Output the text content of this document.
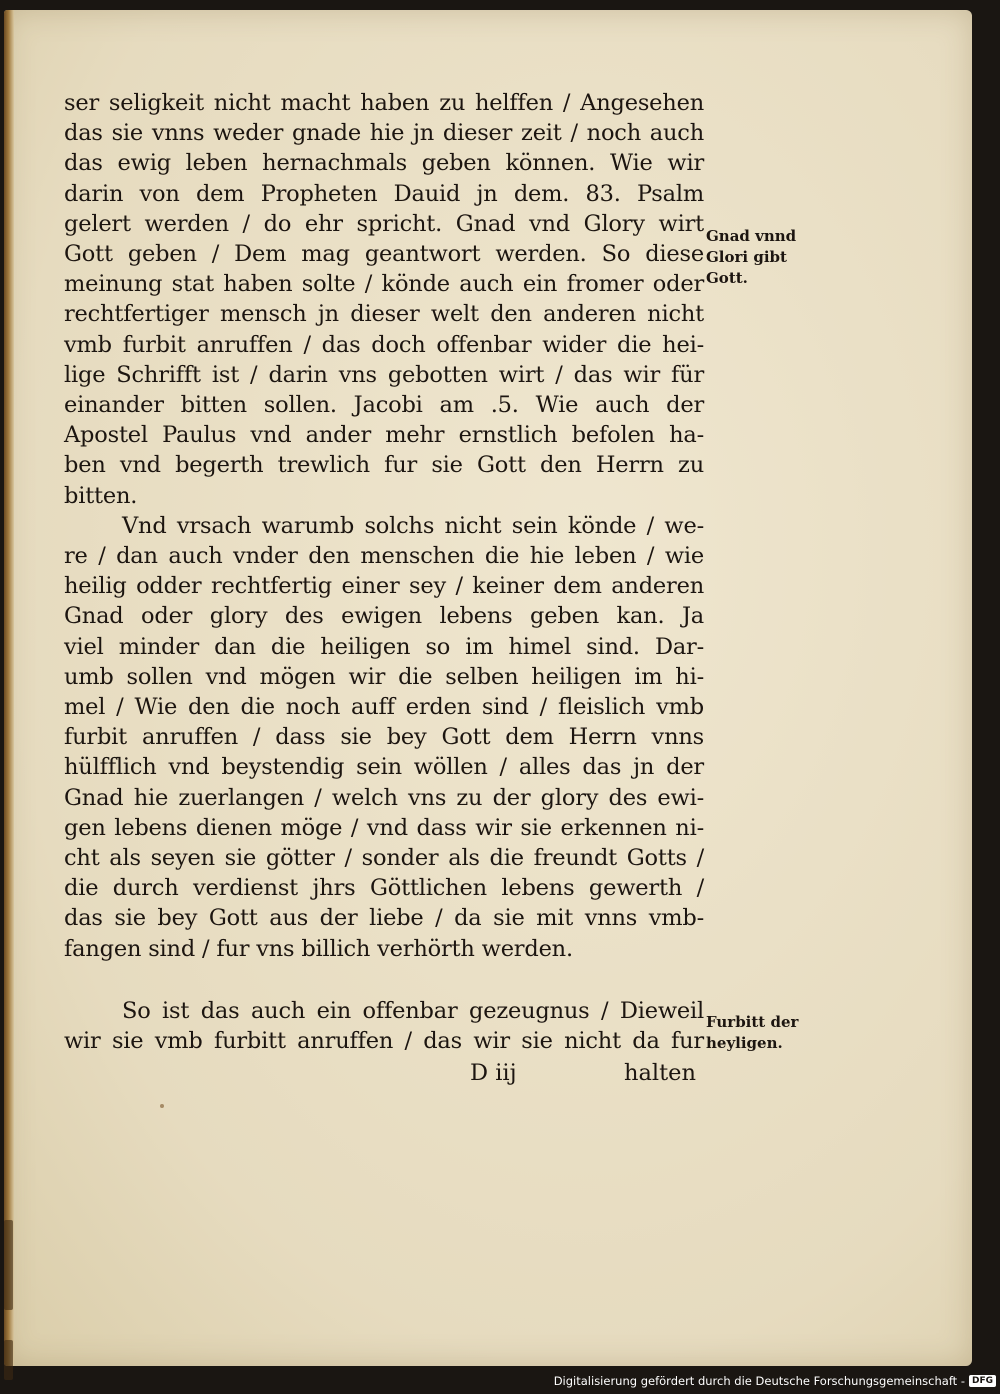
ser seligkeit nicht macht haben zu helffen / Angesehen
das sie vnns weder gnade hie jn dieser zeit / noch auch
das ewig leben hernachmals geben können. Wie wir
darin von dem Propheten Dauid jn dem. 83. Psalm
gelert werden / do ehr spricht. Gnad vnd Glory wirt
Gott geben / Dem mag geantwort werden. So diese
meinung stat haben solte / könde auch ein fromer oder
rechtfertiger mensch jn dieser welt den anderen nicht
vmb furbit anruffen / das doch offenbar wider die hei-
lige Schrifft ist / darin vns gebotten wirt / das wir für
einander bitten sollen. Jacobi am .5. Wie auch der
Apostel Paulus vnd ander mehr ernstlich befolen ha-
ben vnd begerth trewlich fur sie Gott den Herrn zu
bitten.
Vnd vrsach warumb solchs nicht sein könde / we-
re / dan auch vnder den menschen die hie leben / wie
heilig odder rechtfertig einer sey / keiner dem anderen
Gnad oder glory des ewigen lebens geben kan. Ja
viel minder dan die heiligen so im himel sind. Dar-
umb sollen vnd mögen wir die selben heiligen im hi-
mel / Wie den die noch auff erden sind / fleislich vmb
furbit anruffen / dass sie bey Gott dem Herrn vnns
hülfflich vnd beystendig sein wöllen / alles das jn der
Gnad hie zuerlangen / welch vns zu der glory des ewi-
gen lebens dienen möge / vnd dass wir sie erkennen ni-
cht als seyen sie götter / sonder als die freundt Gotts /
die durch verdienst jhrs Göttlichen lebens gewerth /
das sie bey Gott aus der liebe / da sie mit vnns vmb-
fangen sind / fur vns billich verhörth werden.
So ist das auch ein offenbar gezeugnus / Dieweil
wir sie vmb furbitt anruffen / das wir sie nicht da fur
Gnad vnnd
Glori gibt
Gott.
Furbitt der
heyligen.
D iij	halten
Digitalisierung gefördert durch die Deutsche Forschungsgemeinschaft - DFG
